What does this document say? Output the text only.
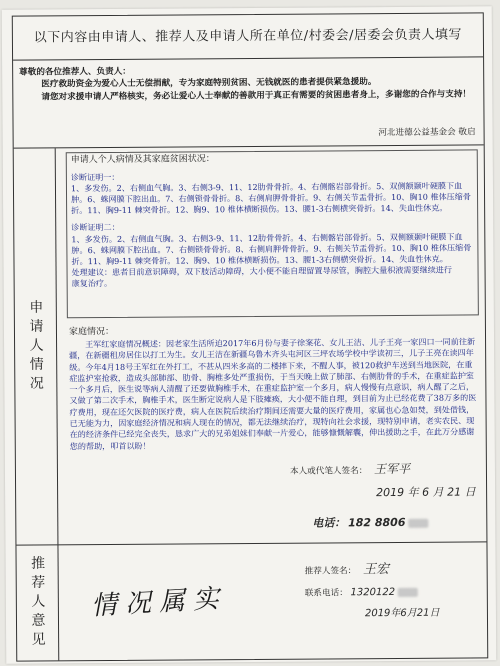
以下内容由申请人、推荐人及申请人所在单位/村委会/居委会负责人填写
尊敬的各位推荐人、负责人：
医疗救助资金为爱心人士无偿捐献，专为家庭特别贫困、无钱就医的患者提供紧急援助。
请您对求援申请人严格核实，务必让爱心人士奉献的善款用于真正有需要的贫困患者身上，多谢您的合作与支持！
河北进德公益基金会 敬启
申请人情况
申请人个人病情及其家庭贫困状况：

诊断证明一：

1、多发伤。2、右侧血气胸。3、右侧3-9、11、12肋骨骨折。4、右侧髂岩部骨折。5、双侧额颞叶硬膜下血

肿。6、蛛网膜下腔出血。7、右侧锁骨骨折。8、右侧肩胛骨骨折。9、右侧关节盂骨折。10、胸10 椎体压缩骨

折。11、胸9-11 棘突骨折。12、胸9、10 椎体横断损伤。13、腰1-3右侧横突骨折。14、失血性休克。

诊断证明二：

1、多发伤。2、右侧血气胸。3、右侧3-9、11、12肋骨骨折。4、右侧髂岩部骨折。5、双侧额颞叶硬膜下血

肿。6、蛛网膜下腔出血。7、右侧锁骨骨折。8、右侧肩胛骨骨折。9、右侧关节盂骨折。10、胸10 椎体压缩骨

折。11、胸9-11 棘突骨折。12、胸9、10 椎体横断损伤。13、腰1-3右侧横突骨折。14、失血性休克。

处理建议：患者目前意识障碍，双下肢活动障碍，大小便不能自理留置导尿管，胸腔大量积液需要继续进行

康复治疗。

家庭情况：

王军红家庭情况概述：因老家生活所迫2017年6月份与妻子徐案花、女儿王洁、儿子王亮一家四口一同前往新疆，在新疆租房居住以打工为生。女儿王洁在新疆乌鲁木齐头屯河区三坪农场学校中学读初三，儿子王亮在读四年级。今年4月18号王军红在外打工，不甚从四米多高的二楼摔下来，不醒人事，被120救护车送到当地医院，在重症监护室抢救，造成头部肺部、肋骨、胸椎多处严重损伤，于当天晚上做了肺部、右侧肋骨的手术，在重症监护室一个多月后，医生说等病人清醒了还要做胸椎手术，在重症监护室一个多月，病人慢慢有点意识，病人醒了之后，又做了第二次手术，胸椎手术，医生断定说病人是下肢瘫痪，大小便不能自理，到目前为止已经花费了38万多的医疗费用，现在还欠医院的医疗费，病人在医院后续治疗期间还需要大量的医疗费用，家属也心急如焚，到处借钱，已无能为力，因家庭经济情况和病人现在的情况，都无法继续治疗，现特向社会求援，现特别申请，老实农民、现在的经济条件已经完全丧失，恳求广大的兄弟姐妹们奉献一片爱心，能够慷慨解囊，伸出援助之手，在此万分感谢您的帮助，叩首以盼！

本人或代笔人签名： 王军平
2019 年 6 月 21 日
电话： 182 8806
推荐人意见 情况属实
推荐人签名： 王宏
联系电话： 1320122
2019年6月21日
